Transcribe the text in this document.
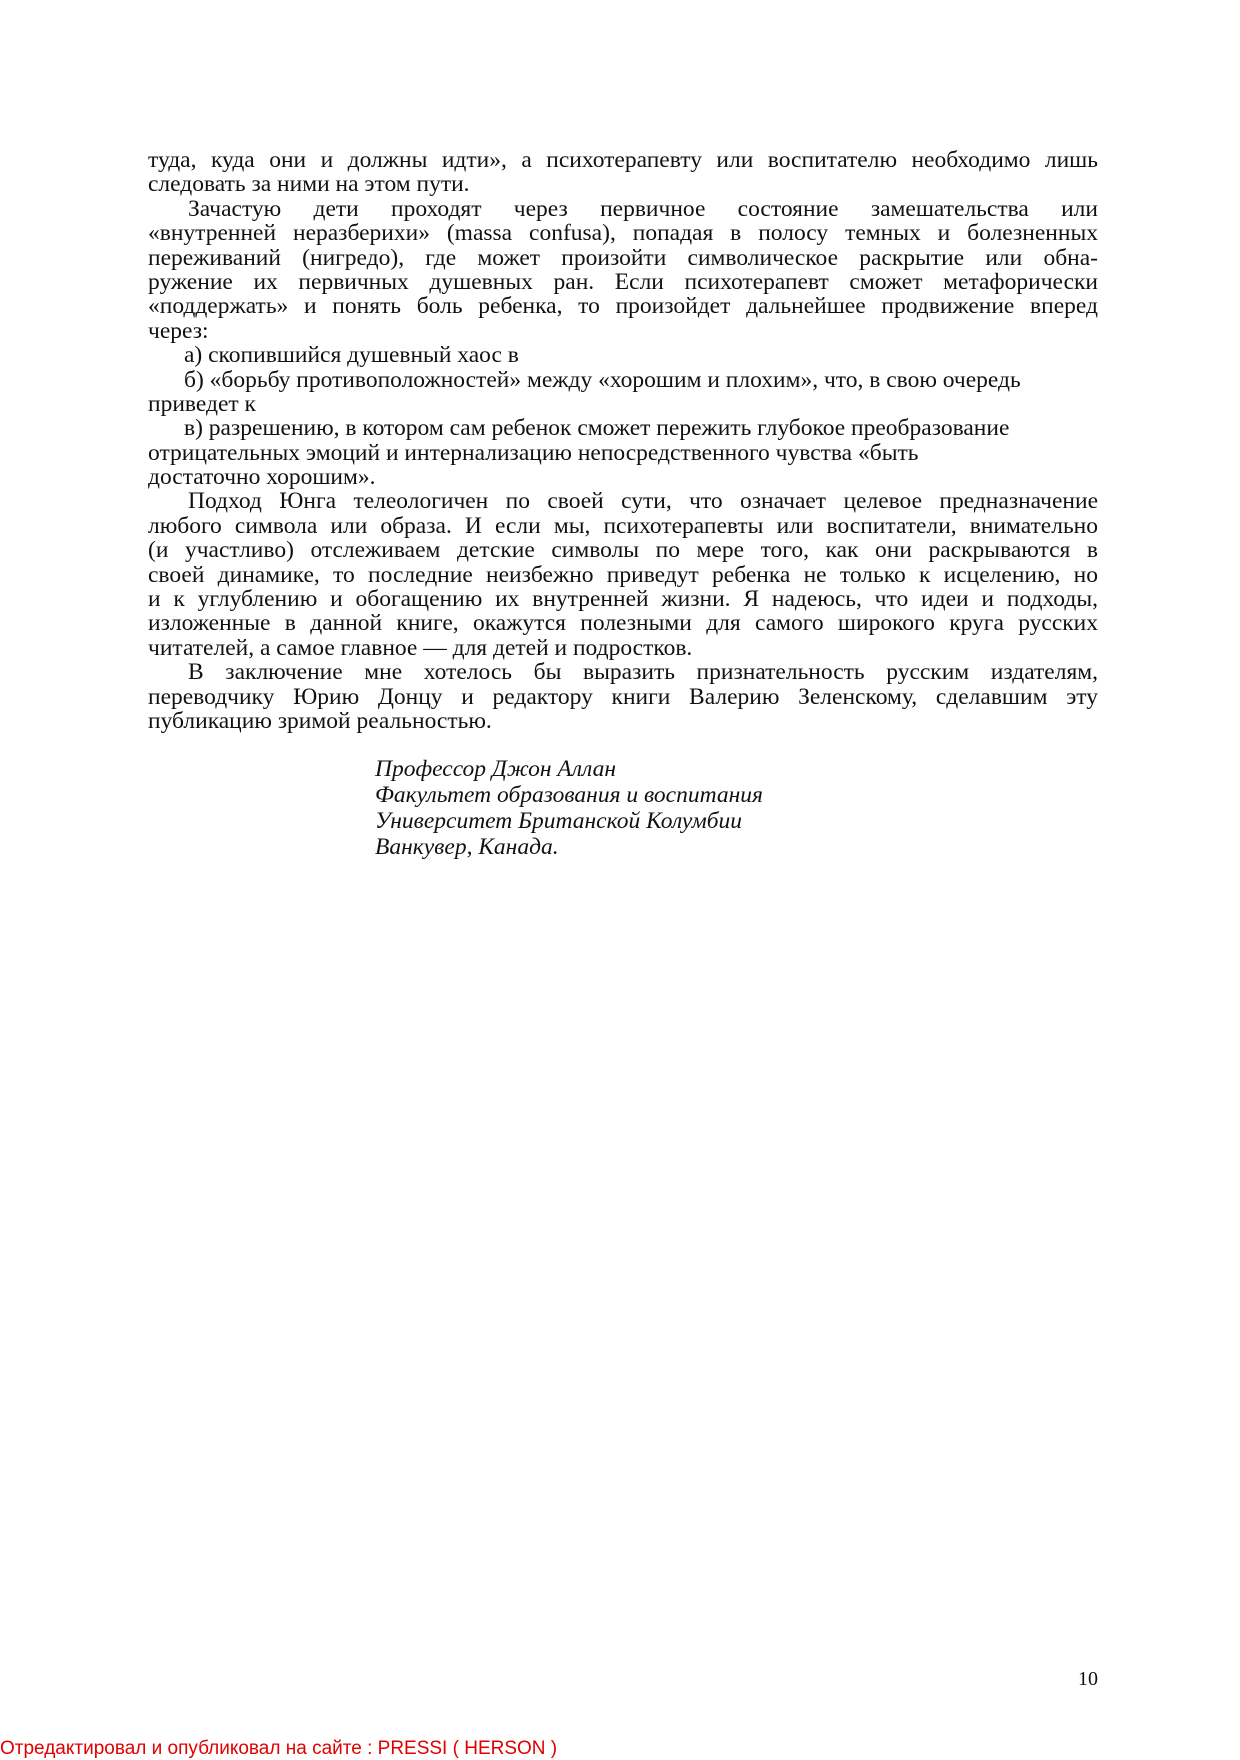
туда, куда они и должны идти», а психотерапевту или воспитателю необходимо лишь
следовать за ними на этом пути.
Зачастую дети проходят через первичное состояние замешательства или
«внутренней неразберихи» (massa confusa), попадая в полосу темных и болезненных
переживаний (нигредо), где может произойти символическое раскрытие или обна-
ружение их первичных душевных ран. Если психотерапевт сможет метафорически
«поддержать» и понять боль ребенка, то произойдет дальнейшее продвижение вперед
через:
а) скопившийся душевный хаос в
б) «борьбу противоположностей» между «хорошим и плохим», что, в свою очередь
приведет к
в) разрешению, в котором сам ребенок сможет пережить глубокое преобразование
отрицательных эмоций и интернализацию непосредственного чувства «быть
достаточно хорошим».
Подход Юнга телеологичен по своей сути, что означает целевое предназначение
любого символа или образа. И если мы, психотерапевты или воспитатели, внимательно
(и участливо) отслеживаем детские символы по мере того, как они раскрываются в
своей динамике, то последние неизбежно приведут ребенка не только к исцелению, но
и к углублению и обогащению их внутренней жизни. Я надеюсь, что идеи и подходы,
изложенные в данной книге, окажутся полезными для самого широкого круга русских
читателей, а самое главное — для детей и подростков.
В заключение мне хотелось бы выразить признательность русским издателям,
переводчику Юрию Донцу и редактору книги Валерию Зеленскому, сделавшим эту
публикацию зримой реальностью.
Профессор Джон Аллан
Факультет образования и воспитания
Университет Британской Колумбии
Ванкувер, Канада.
10
Отредактировал и опубликовал на сайте : PRESSI ( HERSON )
